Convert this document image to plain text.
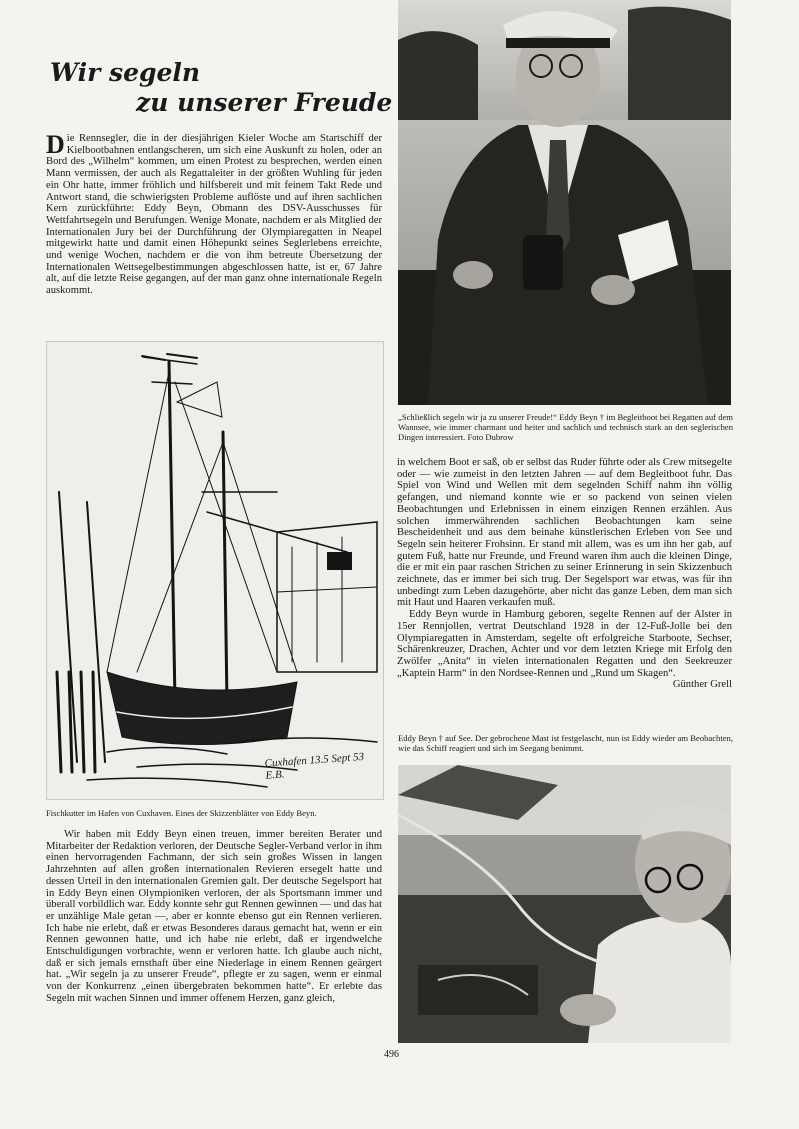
Wir segeln
zu unserer Freude

Die Rennsegler, die in der diesjährigen Kieler Woche am Startschiff der Kielbootbahnen entlangscheren, um sich eine Auskunft zu holen, oder an Bord des „Wilhelm“ kommen, um einen Protest zu besprechen, werden einen Mann vermissen, der auch als Regattaleiter in der größten Wuhling für jeden ein Ohr hatte, immer fröhlich und hilfsbereit und mit feinem Takt Rede und Antwort stand, die schwierigsten Probleme auflöste und auf ihren sachlichen Kern zurückführte: Eddy Beyn, Obmann des DSV-Ausschusses für Wettfahrtsegeln und Berufungen. Wenige Monate, nachdem er als Mitglied der Internationalen Jury bei der Durchführung der Olympiaregatten in Neapel mitgewirkt hatte und damit einen Höhepunkt seines Seglerlebens erreichte, und wenige Wochen, nachdem er die von ihm betreute Übersetzung der Internationalen Wettsegelbestimmungen abgeschlossen hatte, ist er, 67 Jahre alt, auf die letzte Reise gegangen, auf der man ganz ohne internationale Regeln auskommt.

„Schließlich segeln wir ja zu unserer Freude!“ Eddy Beyn † im Begleitboot bei Regatten auf dem Wannsee, wie immer charmant und heiter und sachlich und technisch stark an den seglerischen Dingen interessiert. Foto Dubrow
Cuxhafen 13.5 Sept 53 E.B.
Fischkutter im Hafen von Cuxhaven. Eines der Skizzenblätter von Eddy Beyn.

Wir haben mit Eddy Beyn einen treuen, immer bereiten Berater und Mitarbeiter der Redaktion verloren, der Deutsche Segler-Verband verlor in ihm einen hervorragenden Fachmann, der sich sein großes Wissen in langen Jahrzehnten auf allen großen internationalen Revieren ersegelt hatte und dessen Urteil in den internationalen Gremien galt. Der deutsche Segelsport hat in Eddy Beyn einen Olympioniken verloren, der als Sportsmann immer und überall vorbildlich war. Eddy konnte sehr gut Rennen gewinnen — und das hat er unzählige Male getan —, aber er konnte ebenso gut ein Rennen verlieren. Ich habe nie erlebt, daß er etwas Besonderes daraus gemacht hat, wenn er ein Rennen gewonnen hatte, und ich habe nie erlebt, daß er irgendwelche Entschuldigungen vorbrachte, wenn er verloren hatte. Ich glaube auch nicht, daß er sich jemals ernsthaft über eine Niederlage in einem Rennen geärgert hat. „Wir segeln ja zu unserer Freude“, pflegte er zu sagen, wenn er einmal von der Konkurrenz „einen übergebraten bekommen hatte“. Er erlebte das Segeln mit wachen Sinnen und immer offenem Herzen, ganz gleich,

in welchem Boot er saß, ob er selbst das Ruder führte oder als Crew mitsegelte oder — wie zumeist in den letzten Jahren — auf dem Begleitboot fuhr. Das Spiel von Wind und Wellen mit dem segelnden Schiff nahm ihn völlig gefangen, und niemand konnte wie er so packend von seinen vielen Beobachtungen und Erlebnissen in einem einzigen Rennen erzählen. Aus solchen immerwährenden sachlichen Beobachtungen kam seine Bescheidenheit und aus dem beinahe künstlerischen Erleben von See und Segeln sein heiterer Frohsinn. Er stand mit allem, was es um ihn her gab, auf gutem Fuß, hatte nur Freunde, und Freund waren ihm auch die kleinen Dinge, die er mit ein paar raschen Strichen zu seiner Erinnerung in sein Skizzenbuch zeichnete, das er immer bei sich trug. Der Segelsport war etwas, was für ihn unbedingt zum Leben dazugehörte, aber nicht das ganze Leben, dem man sich mit Haut und Haaren verkaufen muß.

Eddy Beyn wurde in Hamburg geboren, segelte Rennen auf der Alster in 15er Rennjollen, vertrat Deutschland 1928 in der 12-Fuß-Jolle bei den Olympiaregatten in Amsterdam, segelte oft erfolgreiche Starboote, Sechser, Schärenkreuzer, Drachen, Achter und vor dem letzten Kriege mit Erfolg den Zwölfer „Anita“ in vielen internationalen Regatten und den Seekreuzer „Kaptein Harm“ in den Nordsee-Rennen und „Rund um Skagen“.

Günther Grell

Eddy Beyn † auf See. Der gebrochene Mast ist festgelascht, nun ist Eddy wieder am Beobachten, wie das Schiff reagiert und sich im Seegang benimmt.
496
